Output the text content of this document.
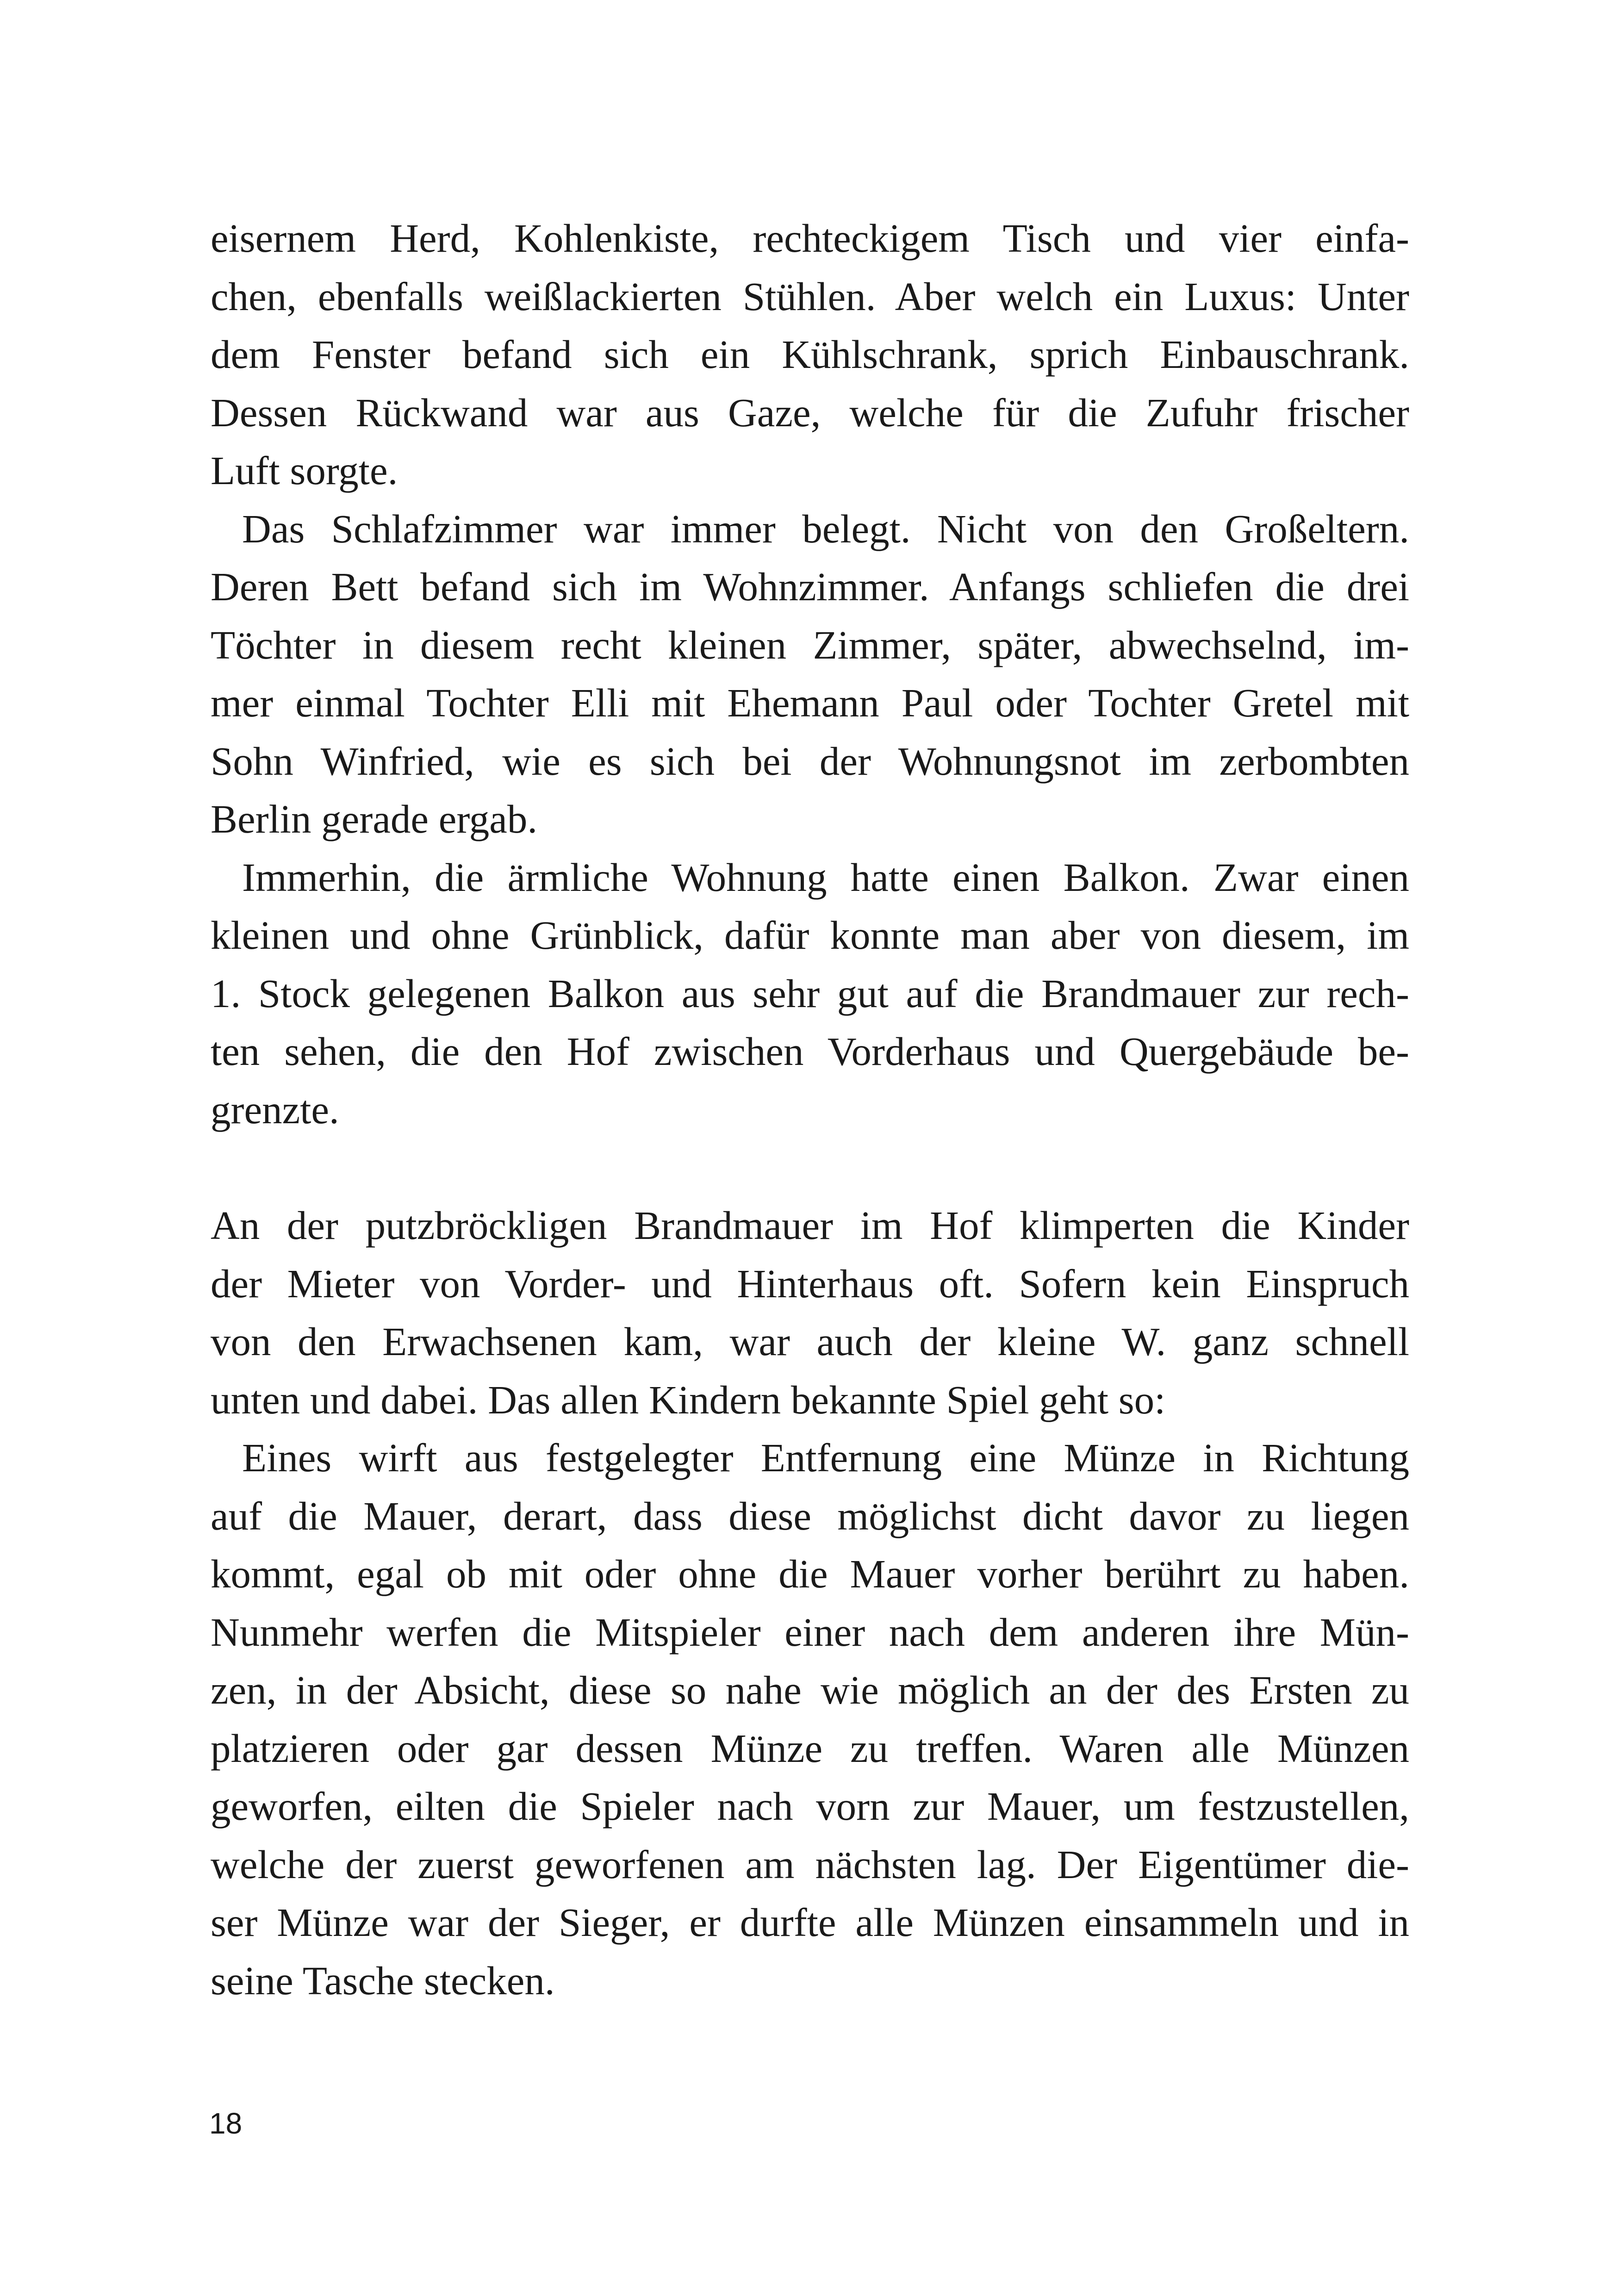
eisernem Herd, Kohlenkiste, rechteckigem Tisch und vier einfa-
chen, ebenfalls weißlackierten Stühlen. Aber welch ein Luxus: Unter
dem Fenster befand sich ein Kühlschrank, sprich Einbauschrank.
Dessen Rückwand war aus Gaze, welche für die Zufuhr frischer
Luft sorgte.
Das Schlafzimmer war immer belegt. Nicht von den Großeltern.
Deren Bett befand sich im Wohnzimmer. Anfangs schliefen die drei
Töchter in diesem recht kleinen Zimmer, später, abwechselnd, im-
mer einmal Tochter Elli mit Ehemann Paul oder Tochter Gretel mit
Sohn Winfried, wie es sich bei der Wohnungsnot im zerbombten
Berlin gerade ergab.
Immerhin, die ärmliche Wohnung hatte einen Balkon. Zwar einen
kleinen und ohne Grünblick, dafür konnte man aber von diesem, im
1. Stock gelegenen Balkon aus sehr gut auf die Brandmauer zur rech-
ten sehen, die den Hof zwischen Vorderhaus und Quergebäude be-
grenzte.
An der putzbröckligen Brandmauer im Hof klimperten die Kinder
der Mieter von Vorder- und Hinterhaus oft. Sofern kein Einspruch
von den Erwachsenen kam, war auch der kleine W. ganz schnell
unten und dabei. Das allen Kindern bekannte Spiel geht so:
Eines wirft aus festgelegter Entfernung eine Münze in Richtung
auf die Mauer, derart, dass diese möglichst dicht davor zu liegen
kommt, egal ob mit oder ohne die Mauer vorher berührt zu haben.
Nunmehr werfen die Mitspieler einer nach dem anderen ihre Mün-
zen, in der Absicht, diese so nahe wie möglich an der des Ersten zu
platzieren oder gar dessen Münze zu treffen. Waren alle Münzen
geworfen, eilten die Spieler nach vorn zur Mauer, um festzustellen,
welche der zuerst geworfenen am nächsten lag. Der Eigentümer die-
ser Münze war der Sieger, er durfte alle Münzen einsammeln und in
seine Tasche stecken.
18
